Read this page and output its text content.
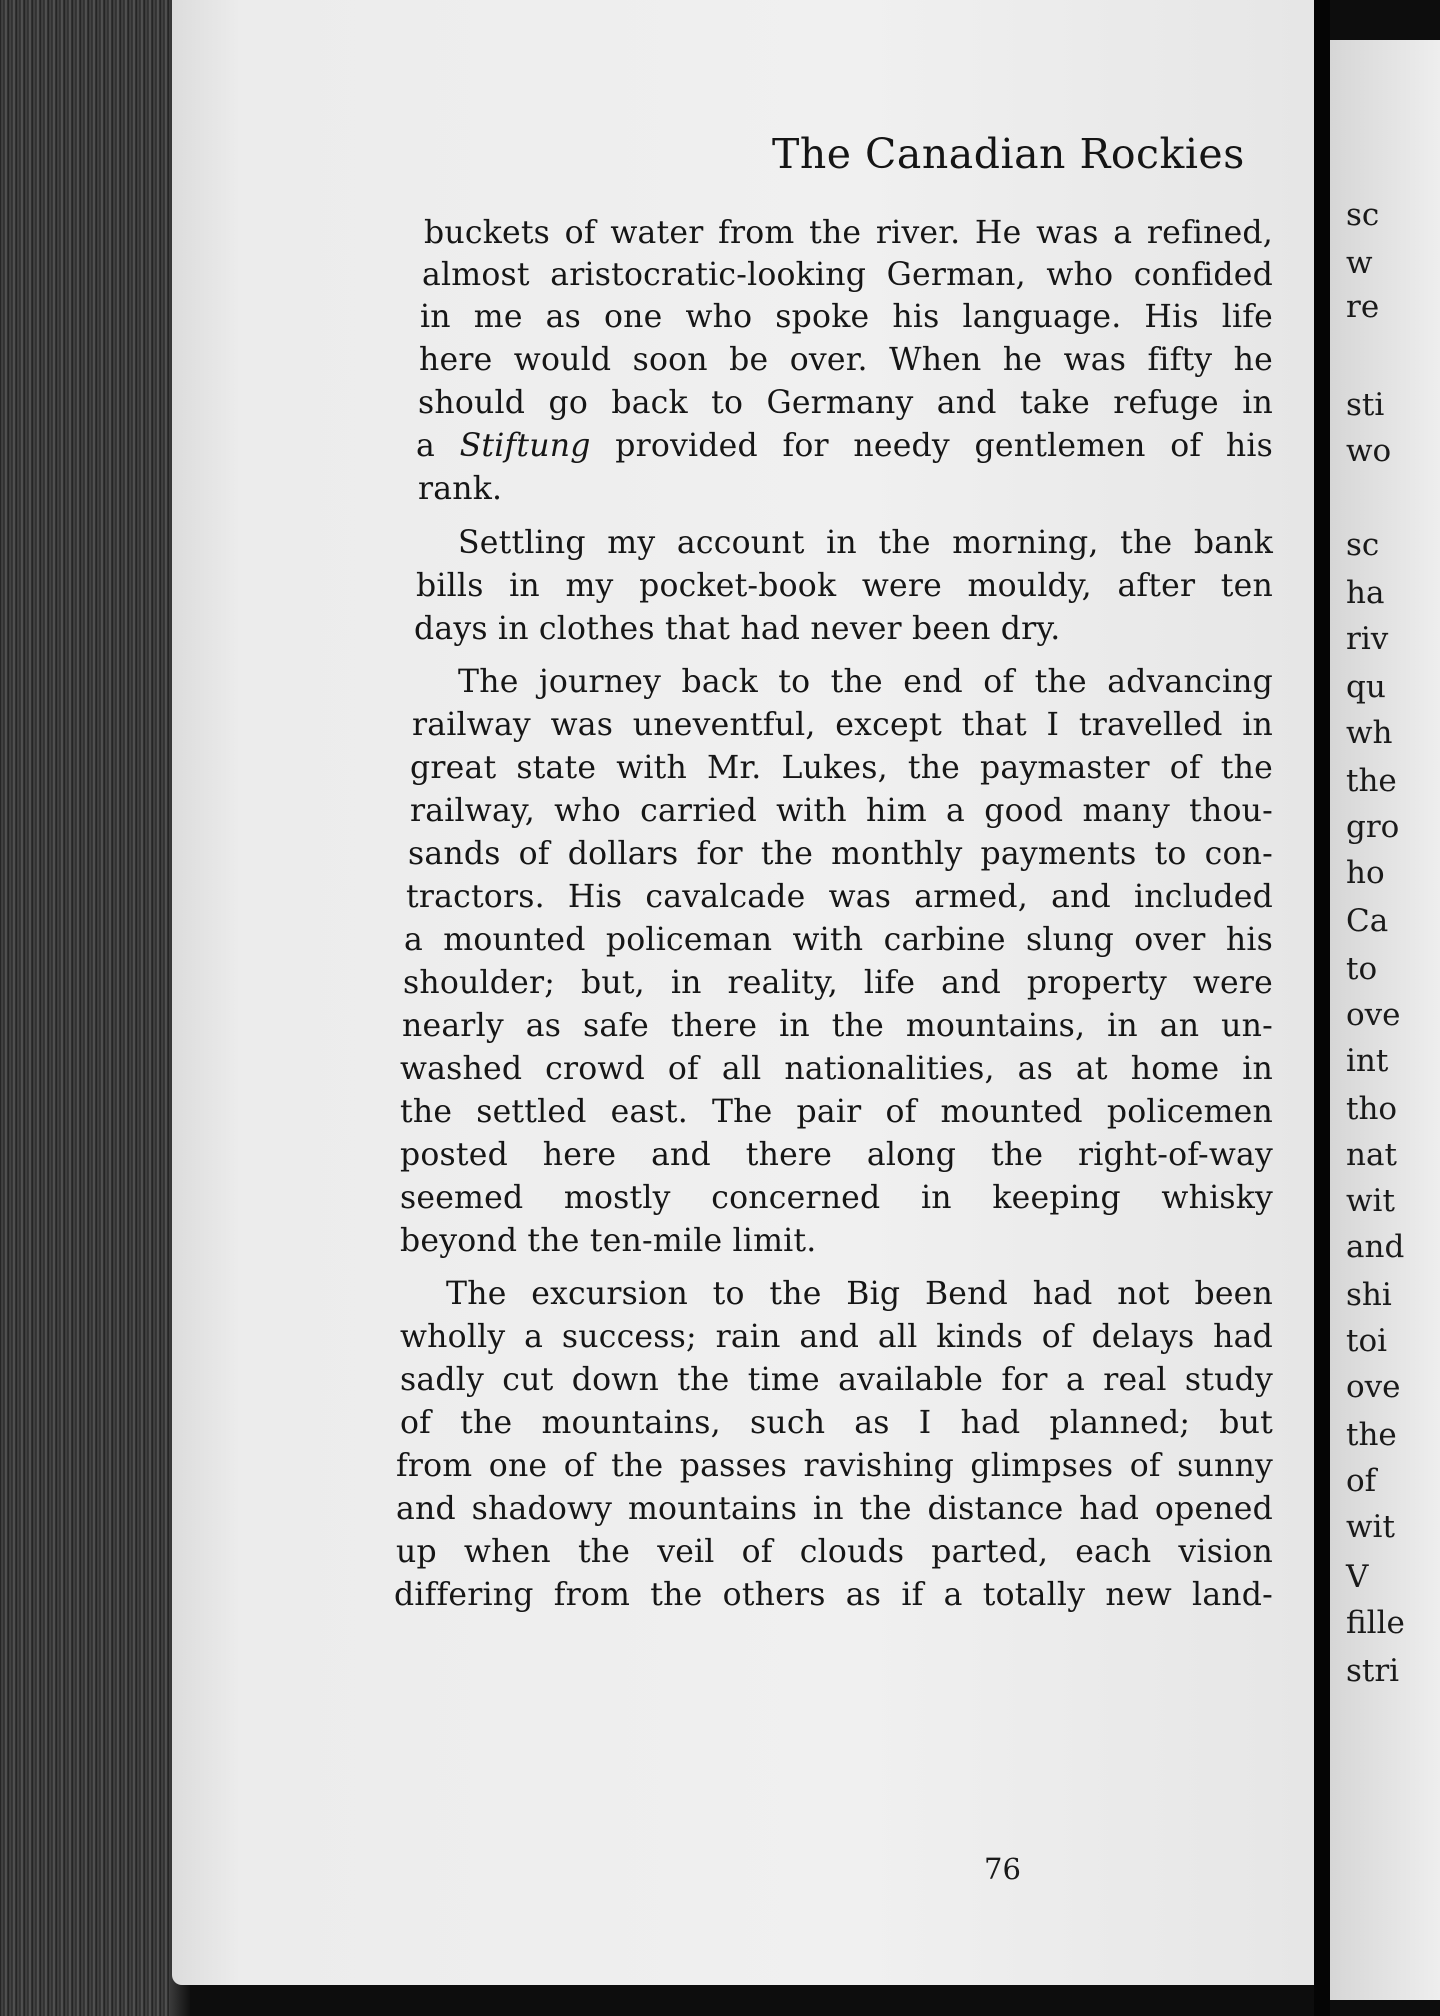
The Canadian Rockies
buckets of water from the river. He was a refined,
almost aristocratic-looking German, who confided
in me as one who spoke his language. His life
here would soon be over. When he was fifty he
should go back to Germany and take refuge in
a Stiftung provided for needy gentlemen of his
rank.
Settling my account in the morning, the bank
bills in my pocket-book were mouldy, after ten
days in clothes that had never been dry.
The journey back to the end of the advancing
railway was uneventful, except that I travelled in
great state with Mr. Lukes, the paymaster of the
railway, who carried with him a good many thou-
sands of dollars for the monthly payments to con-
tractors. His cavalcade was armed, and included
a mounted policeman with carbine slung over his
shoulder; but, in reality, life and property were
nearly as safe there in the mountains, in an un-
washed crowd of all nationalities, as at home in
the settled east. The pair of mounted policemen
posted here and there along the right-of-way
seemed mostly concerned in keeping whisky
beyond the ten-mile limit.
The excursion to the Big Bend had not been
wholly a success; rain and all kinds of delays had
sadly cut down the time available for a real study
of the mountains, such as I had planned; but
from one of the passes ravishing glimpses of sunny
and shadowy mountains in the distance had opened
up when the veil of clouds parted, each vision
differing from the others as if a totally new land-
76
sc
w
re
sti
wo
sc
ha
riv
qu
wh
the
gro
ho
Ca
to
ove
int
tho
nat
wit
and
shi
toi
ove
the
of
wit
V
fille
stri
